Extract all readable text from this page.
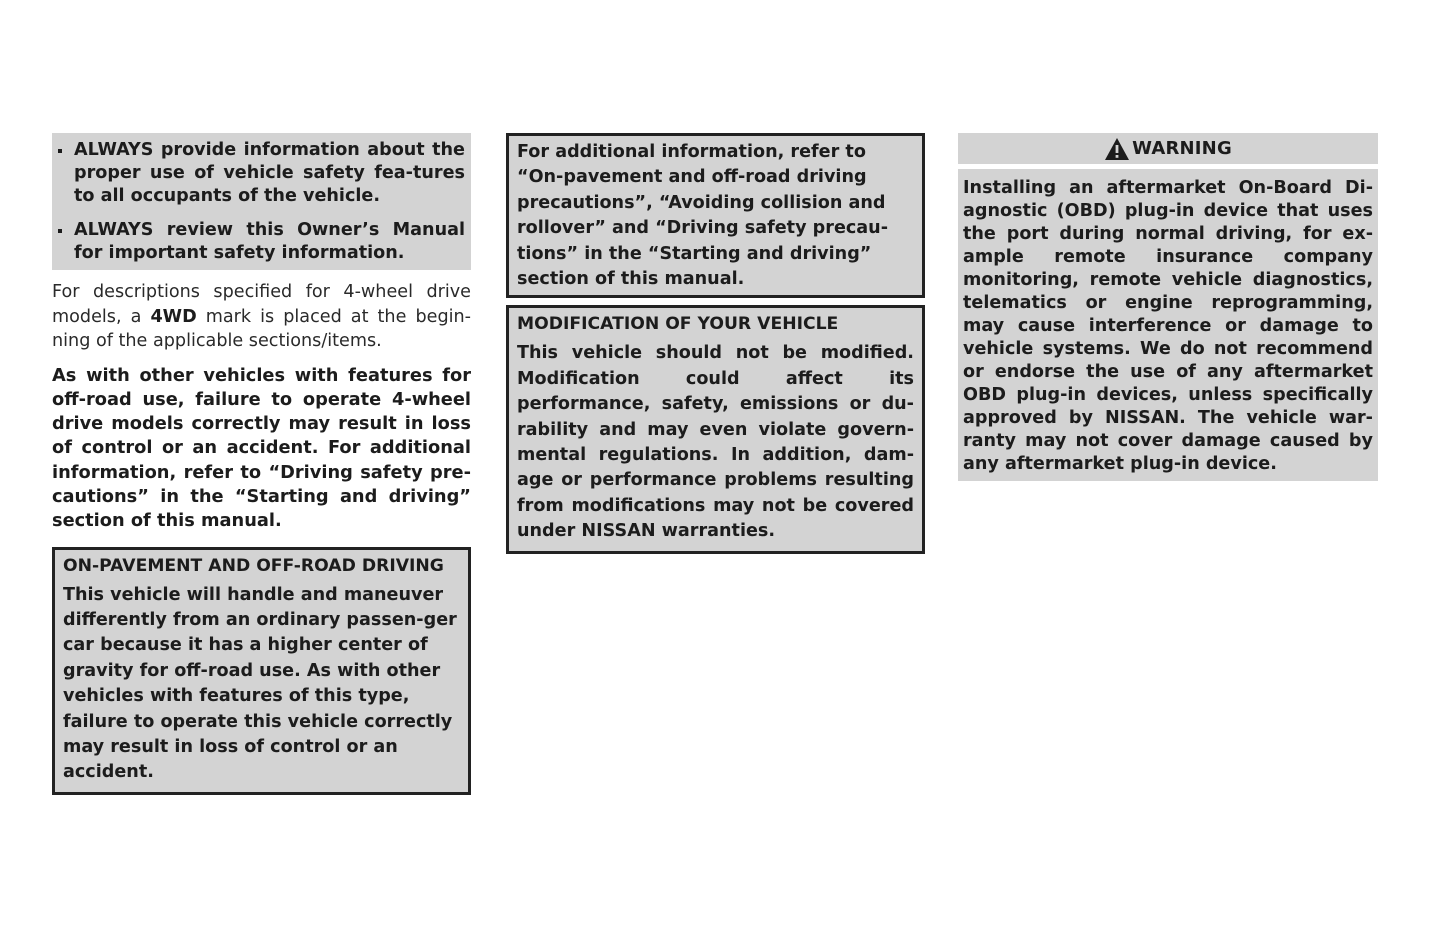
ALWAYS provide information about the proper use of vehicle safety fea-tures to all occupants of the vehicle.
ALWAYS review this Owner’s Manual for important safety information.
For descriptions specified for 4-wheel drive models, a 4WD mark is placed at the begin-ning of the applicable sections/items.
As with other vehicles with features for off-road use, failure to operate 4-wheel drive models correctly may result in loss of control or an accident. For additional information, refer to “Driving safety pre-cautions” in the “Starting and driving” section of this manual.
ON-PAVEMENT AND OFF-ROAD DRIVING
This vehicle will handle and maneuver differently from an ordinary passen-ger car because it has a higher center of gravity for off-road use. As with other vehicles with features of this type, failure to operate this vehicle correctly may result in loss of control or an accident.
For additional information, refer to “On-pavement and off-road driving precautions”, “Avoiding collision and rollover” and “Driving safety precau-tions” in the “Starting and driving” section of this manual.
MODIFICATION OF YOUR VEHICLE
This vehicle should not be modified. Modification could affect its performance, safety, emissions or du-rability and may even violate govern-mental regulations. In addition, dam-age or performance problems resulting from modifications may not be covered under NISSAN warranties.
WARNING
Installing an aftermarket On-Board Di-agnostic (OBD) plug-in device that uses the port during normal driving, for ex-ample remote insurance company monitoring, remote vehicle diagnostics, telematics or engine reprogramming, may cause interference or damage to vehicle systems. We do not recommend or endorse the use of any aftermarket OBD plug-in devices, unless specifically approved by NISSAN. The vehicle war-ranty may not cover damage caused by any aftermarket plug-in device.
